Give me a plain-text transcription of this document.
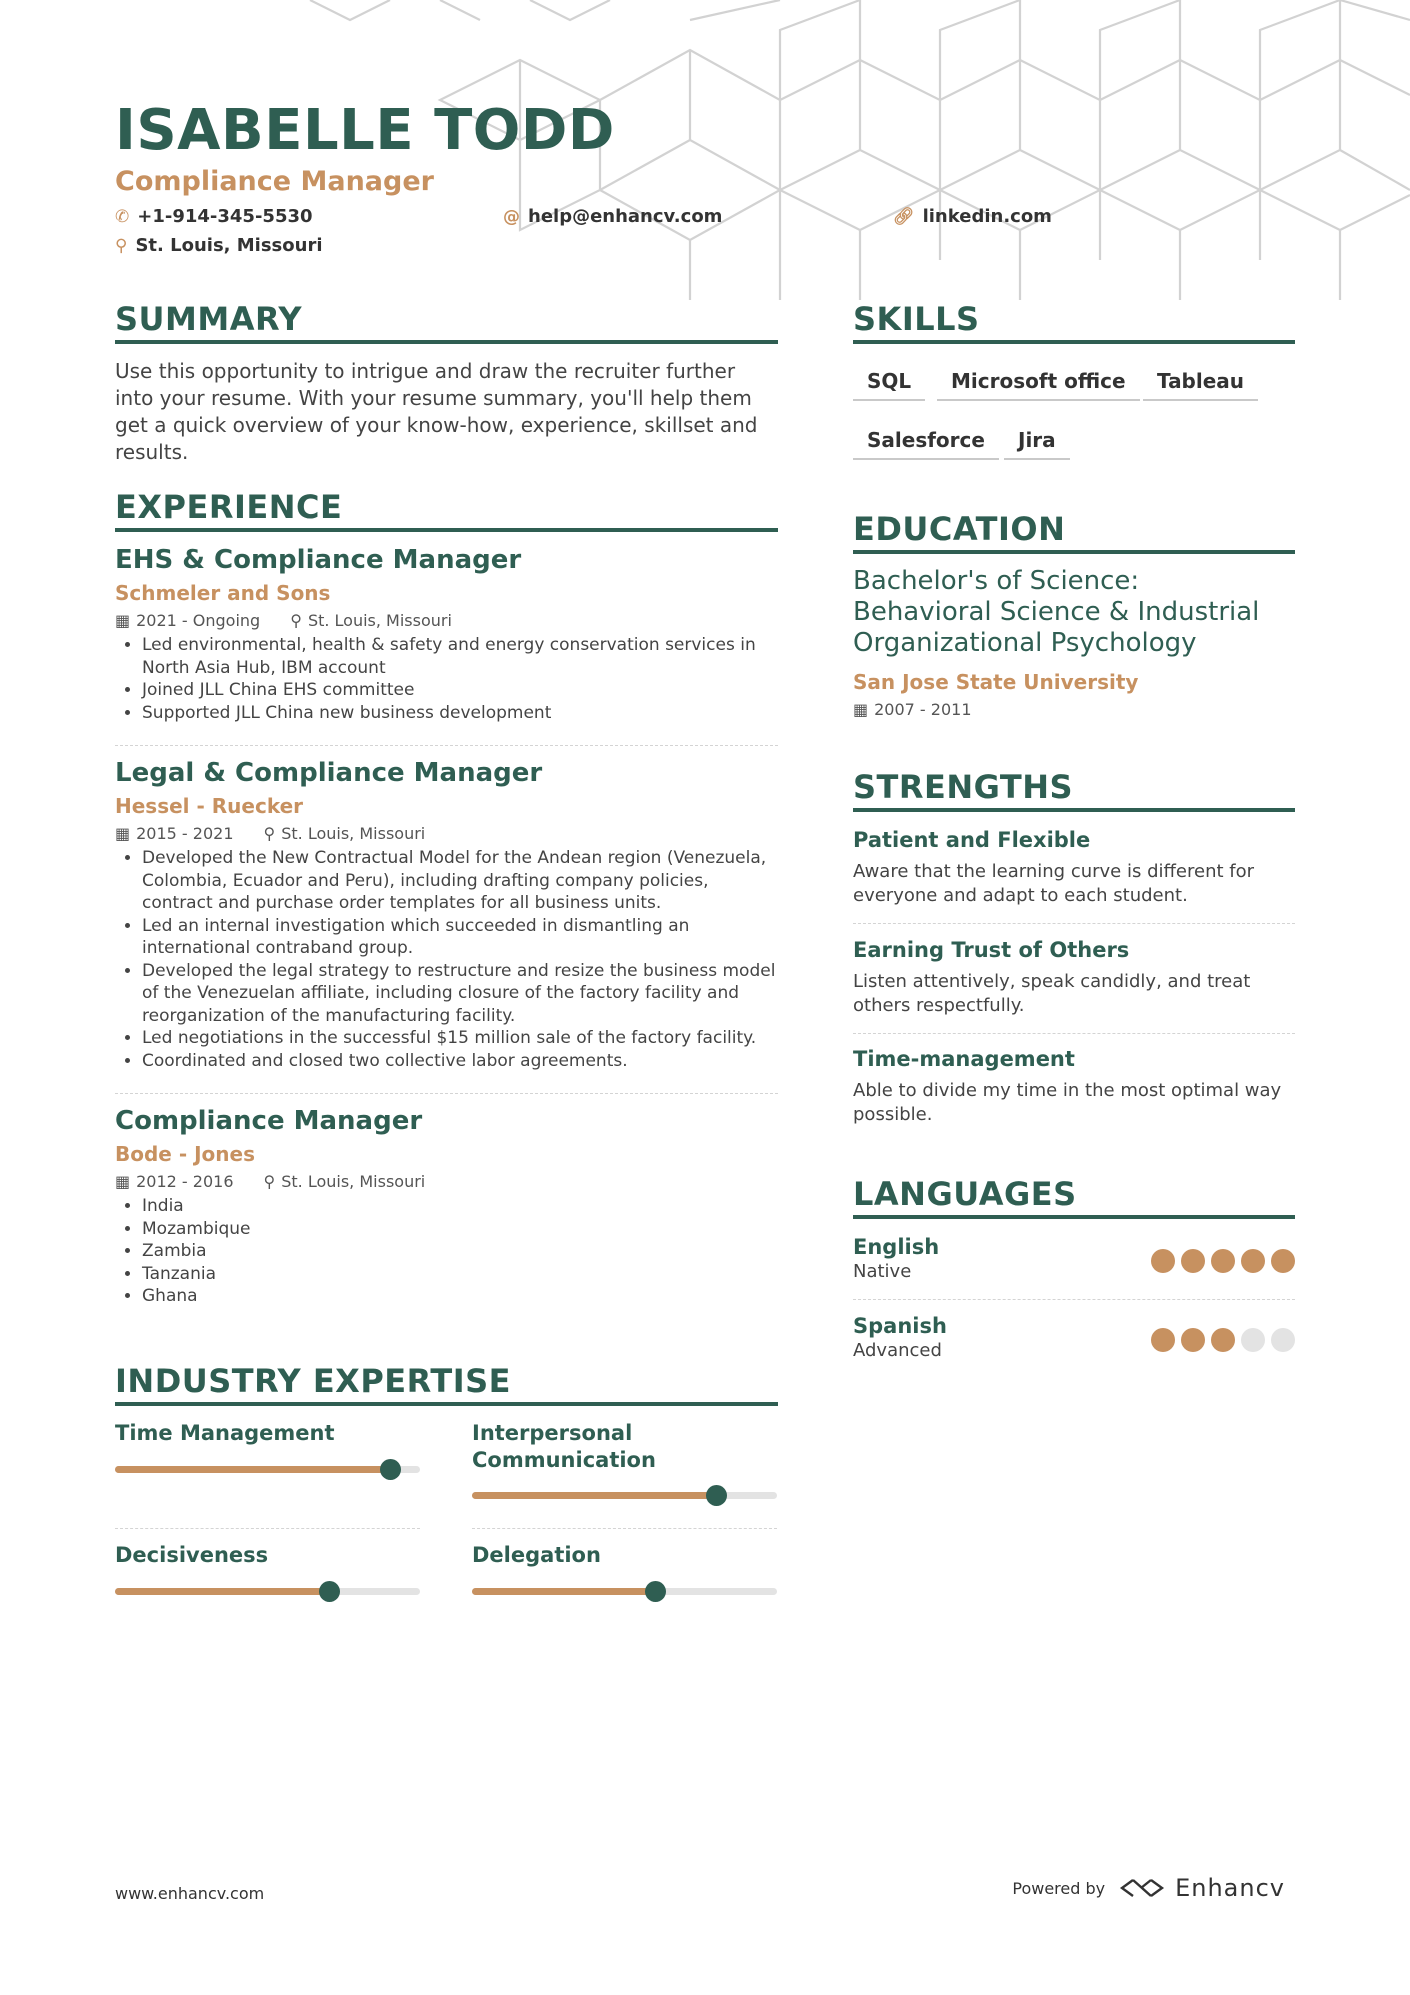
ISABELLE TODD
Compliance Manager
✆ +1-914-345-5530	@ help@enhancv.com	🔗︎ linkedin.com
⚲ St. Louis, Missouri
SUMMARY
Use this opportunity to intrigue and draw the recruiter further into your resume. With your resume summary, you'll help them get a quick overview of your know-how, experience, skillset and results.
EXPERIENCE
EHS & Compliance Manager
Schmeler and Sons
▦ 2021 - Ongoing ⚲ St. Louis, Missouri
• Led environmental, health & safety and energy conservation services in North Asia Hub, IBM account
• Joined JLL China EHS committee
• Supported JLL China new business development
Legal & Compliance Manager
Hessel - Ruecker
▦ 2015 - 2021 ⚲ St. Louis, Missouri
• Developed the New Contractual Model for the Andean region (Venezuela, Colombia, Ecuador and Peru), including drafting company policies, contract and purchase order templates for all business units.
• Led an internal investigation which succeeded in dismantling an international contraband group.
• Developed the legal strategy to restructure and resize the business model of the Venezuelan affiliate, including closure of the factory facility and reorganization of the manufacturing facility.
• Led negotiations in the successful $15 million sale of the factory facility.
• Coordinated and closed two collective labor agreements.
Compliance Manager
Bode - Jones
▦ 2012 - 2016 ⚲ St. Louis, Missouri
• India
• Mozambique
• Zambia
• Tanzania
• Ghana
INDUSTRY EXPERTISE
Time Management	Interpersonal Communication
Decisiveness	Delegation
SKILLS
SQL	Microsoft office	Tableau
Salesforce	Jira
EDUCATION
Bachelor's of Science: Behavioral Science & Industrial Organizational Psychology
San Jose State University
▦ 2007 - 2011
STRENGTHS
Patient and Flexible
Aware that the learning curve is different for everyone and adapt to each student.
Earning Trust of Others
Listen attentively, speak candidly, and treat others respectfully.
Time-management
Able to divide my time in the most optimal way possible.
LANGUAGES
English
Native
Spanish
Advanced
www.enhancv.com	Powered by	Enhancv
